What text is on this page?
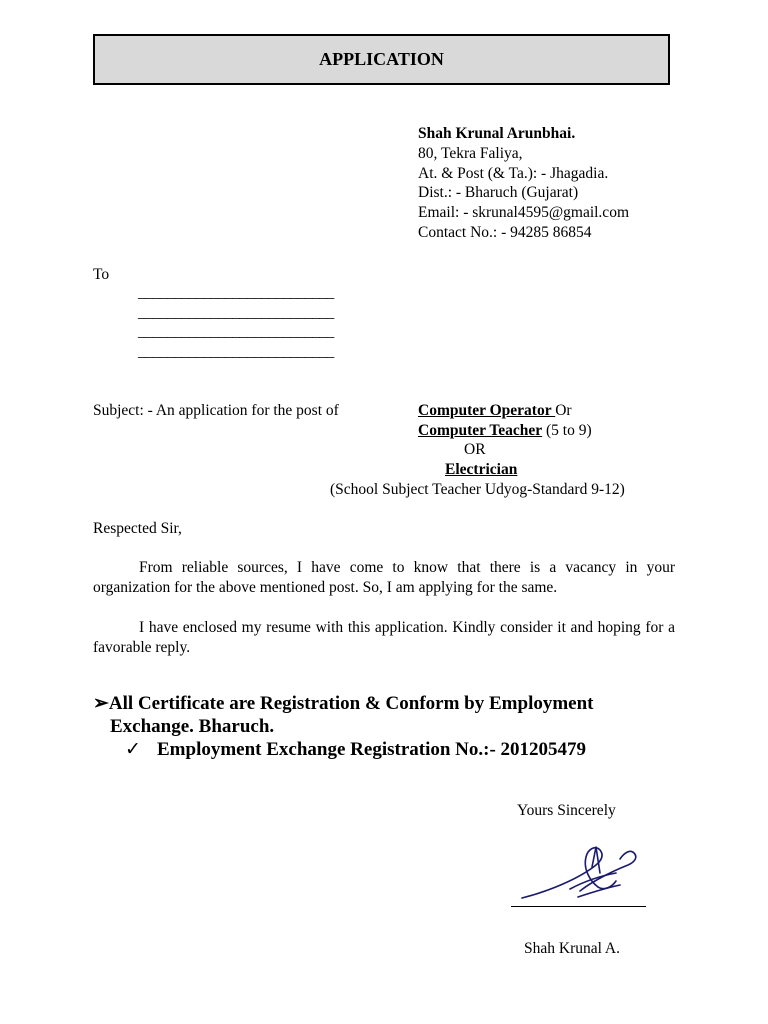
APPLICATION
Shah Krunal Arunbhai.
80, Tekra Faliya,
At. & Post (& Ta.): - Jhagadia.
Dist.: - Bharuch (Gujarat)
Email: - skrunal4595@gmail.com
Contact No.: - 94285 86854
To
___________________________
___________________________
___________________________
___________________________
Subject: - An application for the post of	Computer Operator Or
Computer Teacher (5 to 9)
OR
Electrician
(School Subject Teacher Udyog-Standard 9-12)
Respected Sir,
From reliable sources, I have come to know that there is a vacancy in your organization for the above mentioned post. So, I am applying for the same.
I have enclosed my resume with this application. Kindly consider it and hoping for a favorable reply.
➢All Certificate are Registration & Conform by Employment
Exchange. Bharuch.
✓ Employment Exchange Registration No.:- 201205479
Yours Sincerely
Shah Krunal A.
